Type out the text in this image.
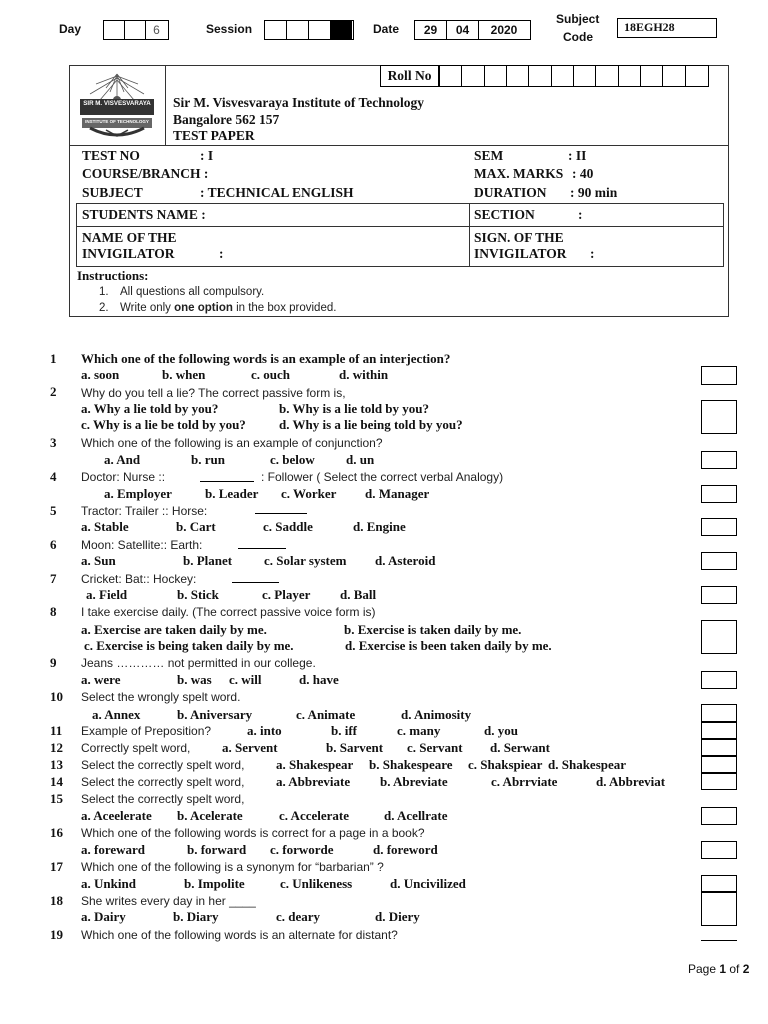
Day	6	Session	Date	29	04	2020
Subject
Code
18EGH28
Roll No
SIR M. VISVESVARAYA
INSTITUTE OF TECHNOLOGY
Sir M. Visvesvaraya Institute of Technology
Bangalore 562 157
TEST PAPER
TEST NO	: I
COURSE/BRANCH :
SUBJECT	: TECHNICAL ENGLISH
SEM	: II
MAX. MARKS : 40
DURATION : 90 min
STUDENTS NAME :	SECTION	:
NAME OF THE
INVIGILATOR	:
SIGN. OF THE
INVIGILATOR :
Instructions:
1. All questions all compulsory.
2. Write only one option in the box provided.
1 Which one of the following words is an example of an interjection?
a. soon	b. when	c. ouch	d. within
2 Why do you tell a lie? The correct passive form is,
a. Why a lie told by you?	b. Why is a lie told by you?
c. Why is a lie be told by you?	d. Why is a lie being told by you?
3 Which one of the following is an example of conjunction?
a. And	b. run	c. below d. un
4 Doctor: Nurse ::	: Follower ( Select the correct verbal Analogy)
a. Employer	b. Leader c. Worker d. Manager
5 Tractor: Trailer :: Horse:
a. Stable	b. Cart	c. Saddle	d. Engine
6 Moon: Satellite:: Earth:
a. Sun	b. Planet c. Solar system d. Asteroid
7 Cricket: Bat:: Hockey:
a. Field	b. Stick	c. Player d. Ball
8 I take exercise daily. (The correct passive voice form is)
a. Exercise are taken daily by me.	b. Exercise is taken daily by me.
c. Exercise is being taken daily by me.	d. Exercise is been taken daily by me.
9 Jeans ………… not permitted in our college.
a. were	b. was c. will	d. have
10 Select the wrongly spelt word.
a. Annex	b. Aniversary	c. Animate	d. Animosity
11 Example of Preposition?	a. into	b. iff	c. many	d. you
12 Correctly spelt word, a. Servent	b. Sarvent c. Servant d. Serwant
13 Select the correctly spelt word, a. Shakespear b. Shakespeare c. Shakspiear d. Shakespear
14 Select the correctly spelt word, a. Abbreviate b. Abreviate	c. Abrrviate	d. Abbreviat
15 Select the correctly spelt word,
a. Aceelerate b. Acelerate	c. Accelerate	d. Acellrate
16 Which one of the following words is correct for a page in a book?
a. foreward	b. forward c. forworde	d. foreword
17 Which one of the following is a synonym for “barbarian” ?
a. Unkind	b. Impolite	c. Unlikeness	d. Uncivilized
18 She writes every day in her ____
a. Dairy	b. Diary	c. deary	d. Diery
19 Which one of the following words is an alternate for distant?
Page 1 of 2
